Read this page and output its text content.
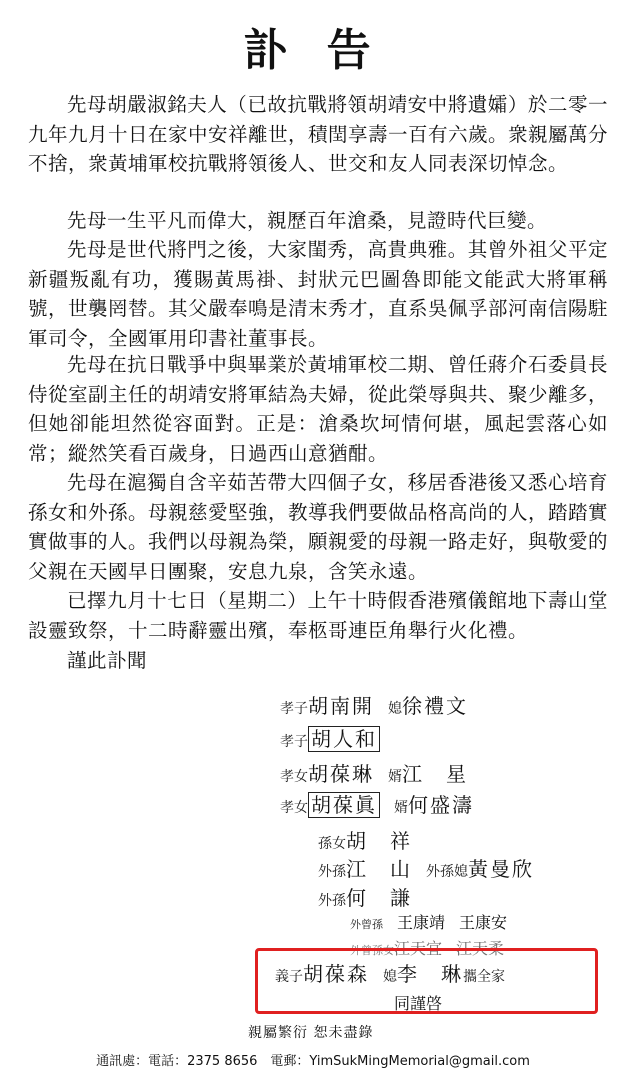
訃 告
先母胡嚴淑銘夫人（已故抗戰將領胡靖安中將遺孀）於二零一九年九月十日在家中安祥離世，積閏享壽一百有六歲。衆親屬萬分不捨，衆黃埔軍校抗戰將領後人、世交和友人同表深切悼念。
先母一生平凡而偉大，親歷百年滄桑，見證時代巨變。
先母是世代將門之後，大家閨秀，高貴典雅。其曾外祖父平定新疆叛亂有功，獲賜黃馬褂、封狀元巴圖魯即能文能武大將軍稱號，世襲罔替。其父嚴奉鳴是清末秀才，直系吳佩孚部河南信陽駐軍司令，全國軍用印書社董事長。
先母在抗日戰爭中與畢業於黃埔軍校二期、曾任蔣介石委員長侍從室副主任的胡靖安將軍結為夫婦，從此榮辱與共、聚少離多，但她卻能坦然從容面對。正是：滄桑坎坷情何堪，風起雲落心如常；縱然笑看百歲身，日過西山意猶酣。
先母在滬獨自含辛茹苦帶大四個子女，移居香港後又悉心培育孫女和外孫。母親慈愛堅強，教導我們要做品格高尚的人，踏踏實實做事的人。我們以母親為榮，願親愛的母親一路走好，與敬愛的父親在天國早日團聚，安息九泉，含笑永遠。
已擇九月十七日（星期二）上午十時假香港殯儀館地下壽山堂設靈致祭，十二時辭靈出殯，奉柩哥連臣角舉行火化禮。
謹此訃聞
孝子胡南開 媳徐禮文
孝子 胡人和
孝女胡葆琳 婿江　星
孝女 胡葆眞 婿何盛濤
孫女胡　祥
外孫江　山 外孫媳黃曼欣
外孫何　謙
外曾孫 王康靖 王康安
外曾孫女江天宜 江天柔
義子胡葆森 媳李　琳攜全家
同謹啓
親屬繁衍 恕未盡錄
通訊處：電話：2375 8656　電郵：YimSukMingMemorial@gmail.com
